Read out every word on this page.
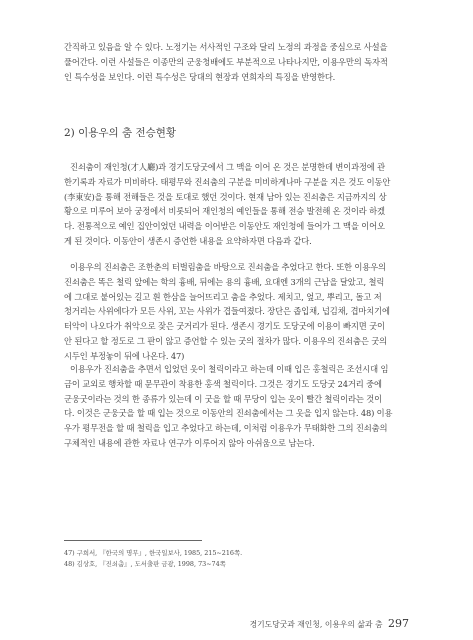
간직하고 있음을 알 수 있다. 노정기는 서사적인 구조와 달리 노정의 과정을 중심으로 사설을
풀어간다. 이런 사설들은 이종만의 군웅청배에도 부분적으로 나타나지만, 이용우만의 독자적
인 특수성을 보인다. 이런 특수성은 당대의 현장과 연희자의 특징을 반영한다.
2) 이용우의 춤 전승현황
진쇠춤이 재인청(才人廳)과 경기도당굿에서 그 맥을 이어 온 것은 분명한데 변이과정에 관
한기록과 자료가 미비하다. 태평무와 진쇠춤의 구분을 미비하게나마 구분을 지은 것도 이동안
(李東安)을 통해 전해들은 것을 토대로 했던 것이다. 현재 남아 있는 진쇠춤은 지금까지의 상
황으로 미루어 보아 궁정에서 비롯되어 재인청의 예인들을 통해 전승 발전해 온 것이라 하겠
다. 전통적으로 예인 집안이었던 내력을 이어받은 이동안도 재인청에 들어가 그 맥을 이어오
게 된 것이다. 이동안이 생존시 증언한 내용을 요약하자면 다음과 같다.
이용우의 진쇠춤은 조한춘의 터벌림춤을 바탕으로 진쇠춤을 추었다고 한다. 또한 이용우의
진쇠춤은 똑은 철릭 앞에는 학의 흉배, 뒤에는 용의 흉배, 요대엔 3개의 근남을 달았고, 철릭
에 그대로 붙어있는 길고 흰 한삼을 늘어뜨리고 춤을 추었다. 제치고, 엎고, 뿌리고, 돌고 저
청거리는 사위에다가 모든 사위, 꼬는 사위가 겹들여졌다. 장단은 좁입채, 넙김채, 겹마치기에
터악이 나오다가 취악으로 잦은 굿거리가 된다. 생존시 경기도 도당굿에 이용이 빠지면 굿이
안 된다고 할 정도로 그 판이 않고 증언할 수 있는 굿의 절차가 많다. 이용우의 진쇠춤은 굿의
시두인 부정놓이 뒤에 나온다. 47)
이용우가 진쇠춤을 추면서 입었던 옷이 철릭이라고 하는데 이때 입은 홍철릭은 조선시대 임
금이 교외로 행차할 때 문무관이 착용한 홍색 철릭이다. 그것은 경기도 도당굿 24거리 중에
군웅굿이라는 것의 한 종류가 있는데 이 굿을 할 때 무당이 입는 옷이 빨간 철릭이라는 것이
다. 이것은 군웅굿을 할 때 입는 것으로 이동안의 진쇠춤에서는 그 옷을 입지 않는다. 48) 이용
우가 평무전을 할 때 철릭을 입고 추었다고 하는데, 이처럼 이용우가 무태화한 그의 진쇠춤의
구체적인 내용에 관한 자료나 연구가 이루어지 않아 아쉬움으로 남는다.
47) 구희서, 『한국의 명무』, 한국일보사, 1985, 215~216쪽.
48) 김상호, 『진쇠춤』, 도서출판 금광, 1998, 73~74쪽
경기도당굿과 재인청, 이용우의 삶과 춤 297
